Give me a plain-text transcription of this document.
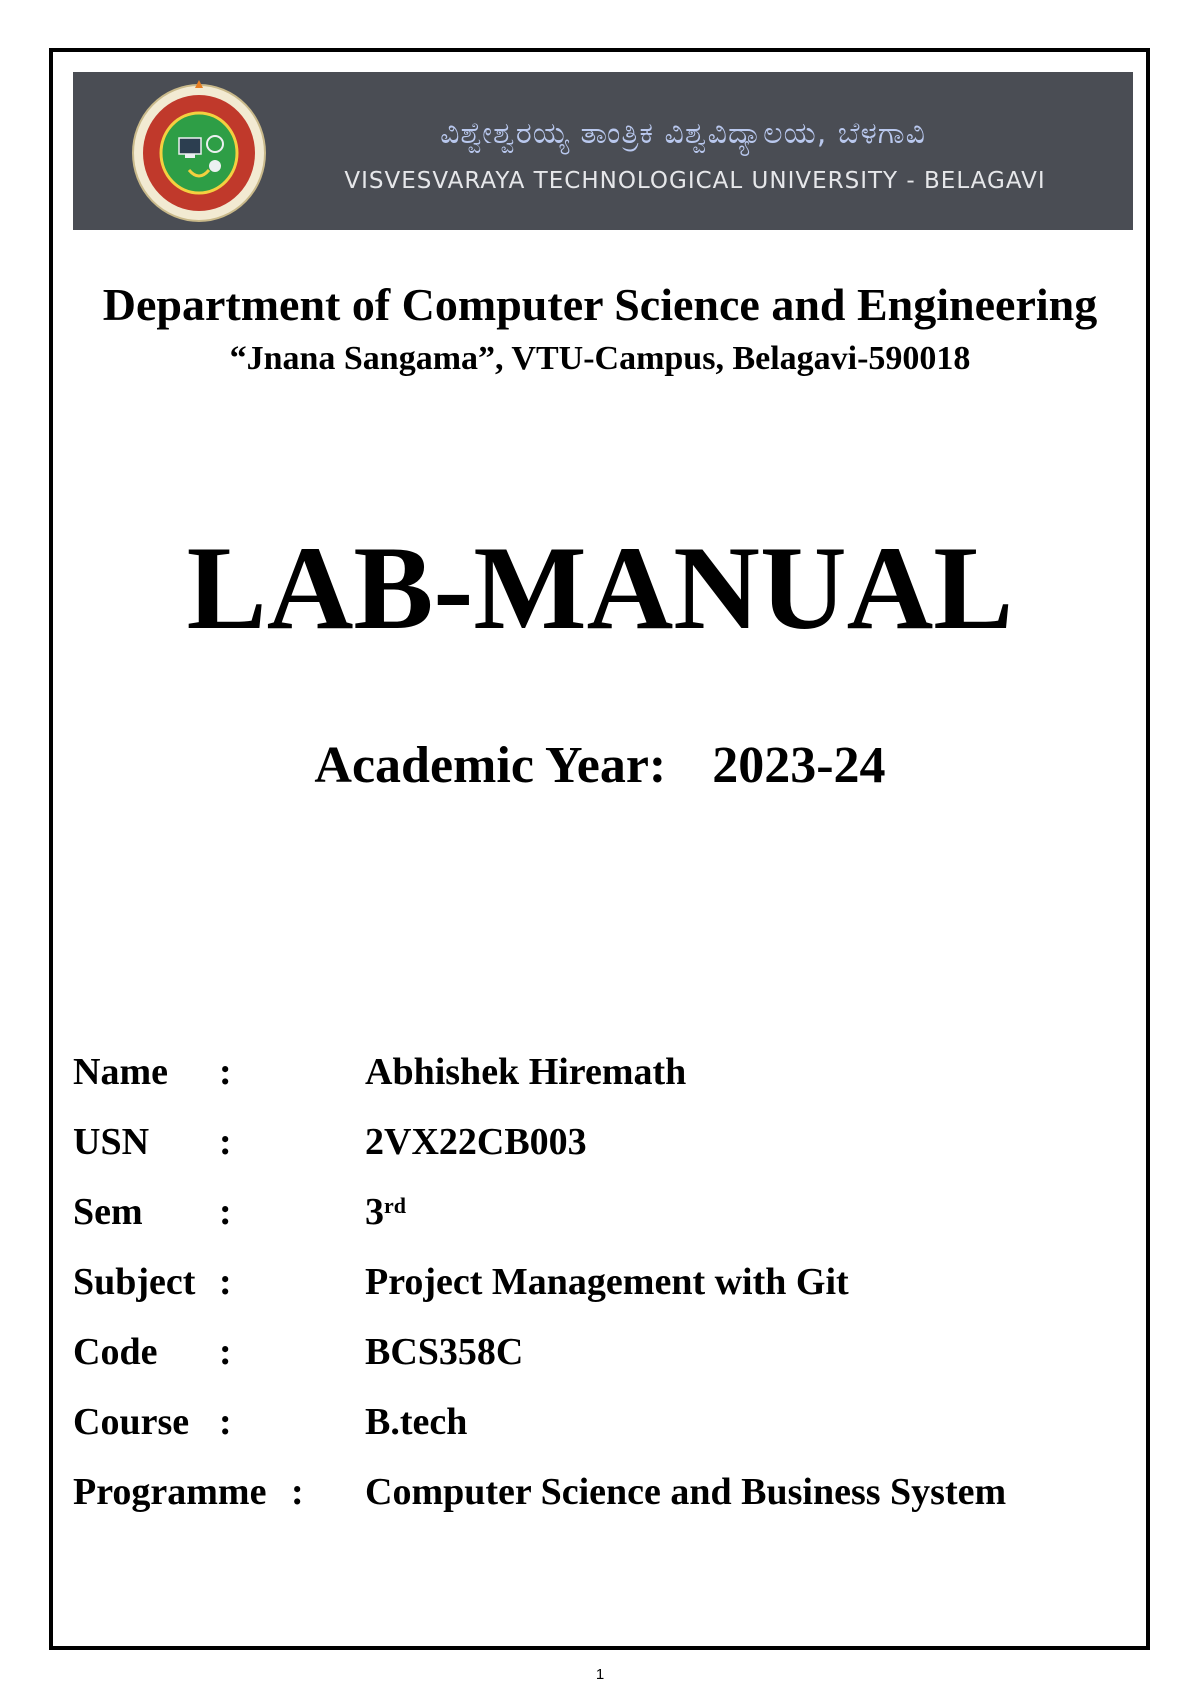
ವಿಶ್ವೇಶ್ವರಯ್ಯ ತಾಂತ್ರಿಕ ವಿಶ್ವವಿದ್ಯಾಲಯ, ಬೆಳಗಾವಿ
VISVESVARAYA TECHNOLOGICAL UNIVERSITY - BELAGAVI
Department of Computer Science and Engineering
“Jnana Sangama”, VTU-Campus, Belagavi-590018
LAB-MANUAL
Academic Year: 2023-24
Name :	Abhishek Hiremath
USN :	2VX22CB003
Sem :	3rd
Subject :	Project Management with Git
Code :	BCS358C
Course :	B.tech
Programme : Computer Science and Business System
1
